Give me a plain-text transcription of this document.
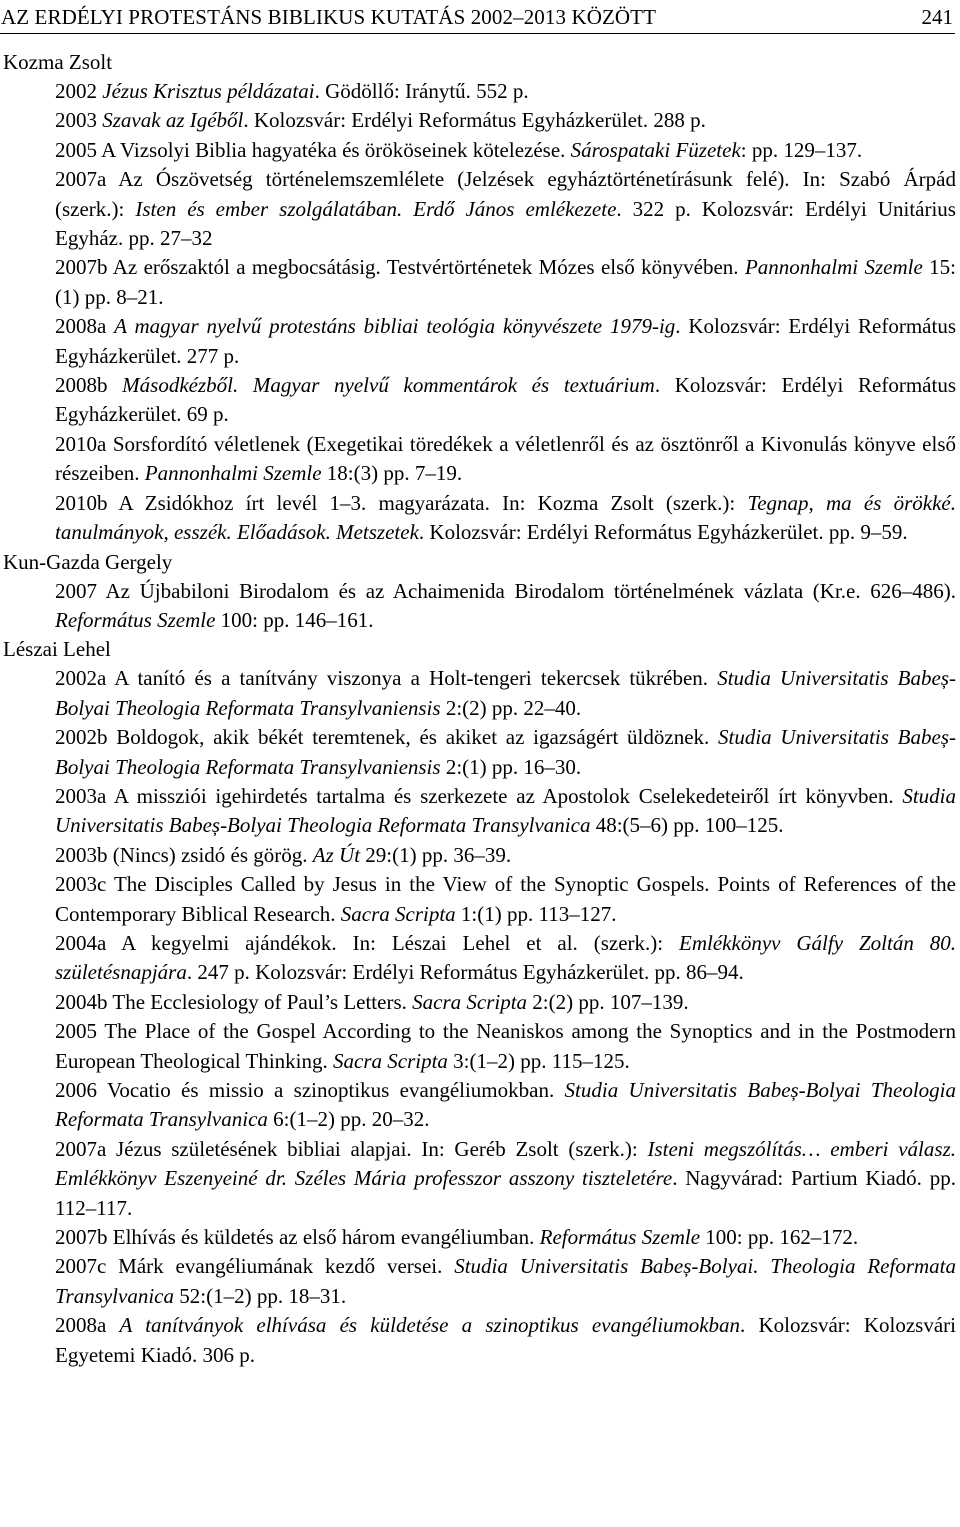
AZ ERDÉLYI PROTESTÁNS BIBLIKUS KUTATÁS 2002–2013 KÖZÖTT	241
Kozma Zsolt
2002 Jézus Krisztus példázatai. Gödöllő: Iránytű. 552 p.
2003 Szavak az Igéből. Kolozsvár: Erdélyi Református Egyházkerület. 288 p.
2005 A Vizsolyi Biblia hagyatéka és örököseinek kötelezése. Sárospataki Füzetek: pp. 129–137.
2007a Az Ószövetség történelemszemlélete (Jelzések egyháztörténetírásunk felé). In: Szabó Árpád (szerk.): Isten és ember szolgálatában. Erdő János emlékezete. 322 p. Kolozsvár: Erdélyi Unitárius Egyház. pp. 27–32
2007b Az erőszaktól a megbocsátásig. Testvértörténetek Mózes első könyvében. Pannonhalmi Szemle 15:(1) pp. 8–21.
2008a A magyar nyelvű protestáns bibliai teológia könyvészete 1979-ig. Kolozsvár: Erdélyi Református Egyházkerület. 277 p.
2008b Másodkézből. Magyar nyelvű kommentárok és textuárium. Kolozsvár: Erdélyi Református Egyházkerület. 69 p.
2010a Sorsfordító véletlenek (Exegetikai töredékek a véletlenről és az ösztönről a Kivonulás könyve első részeiben. Pannonhalmi Szemle 18:(3) pp. 7–19.
2010b A Zsidókhoz írt levél 1–3. magyarázata. In: Kozma Zsolt (szerk.): Tegnap, ma és örökké. tanulmányok, esszék. Előadások. Metszetek. Kolozsvár: Erdélyi Református Egyházkerület. pp. 9–59.
Kun-Gazda Gergely
2007 Az Újbabiloni Birodalom és az Achaimenida Birodalom történelmének vázlata (Kr.e. 626–486). Református Szemle 100: pp. 146–161.
Lészai Lehel
2002a A tanító és a tanítvány viszonya a Holt-tengeri tekercsek tükrében. Studia Universitatis Babeș-Bolyai Theologia Reformata Transylvaniensis 2:(2) pp. 22–40.
2002b Boldogok, akik békét teremtenek, és akiket az igazságért üldöznek. Studia Universitatis Babeș-Bolyai Theologia Reformata Transylvaniensis 2:(1) pp. 16–30.
2003a A missziói igehirdetés tartalma és szerkezete az Apostolok Cselekedeteiről írt könyvben. Studia Universitatis Babeș-Bolyai Theologia Reformata Transylvanica 48:(5–6) pp. 100–125.
2003b (Nincs) zsidó és görög. Az Út 29:(1) pp. 36–39.
2003c The Disciples Called by Jesus in the View of the Synoptic Gospels. Points of References of the Contemporary Biblical Research. Sacra Scripta 1:(1) pp. 113–127.
2004a A kegyelmi ajándékok. In: Lészai Lehel et al. (szerk.): Emlékkönyv Gálfy Zoltán 80. születésnapjára. 247 p. Kolozsvár: Erdélyi Református Egyházkerület. pp. 86–94.
2004b The Ecclesiology of Paul’s Letters. Sacra Scripta 2:(2) pp. 107–139.
2005 The Place of the Gospel According to the Neaniskos among the Synoptics and in the Postmodern European Theological Thinking. Sacra Scripta 3:(1–2) pp. 115–125.
2006 Vocatio és missio a szinoptikus evangéliumokban. Studia Universitatis Babeș-Bolyai Theologia Reformata Transylvanica 6:(1–2) pp. 20–32.
2007a Jézus születésének bibliai alapjai. In: Geréb Zsolt (szerk.): Isteni megszólítás… emberi válasz. Emlékkönyv Eszenyeiné dr. Széles Mária professzor asszony tiszteletére. Nagyvárad: Partium Kiadó. pp. 112–117.
2007b Elhívás és küldetés az első három evangéliumban. Református Szemle 100: pp. 162–172.
2007c Márk evangéliumának kezdő versei. Studia Universitatis Babeș-Bolyai. Theologia Reformata Transylvanica 52:(1–2) pp. 18–31.
2008a A tanítványok elhívása és küldetése a szinoptikus evangéliumokban. Kolozsvár: Kolozsvári Egyetemi Kiadó. 306 p.
